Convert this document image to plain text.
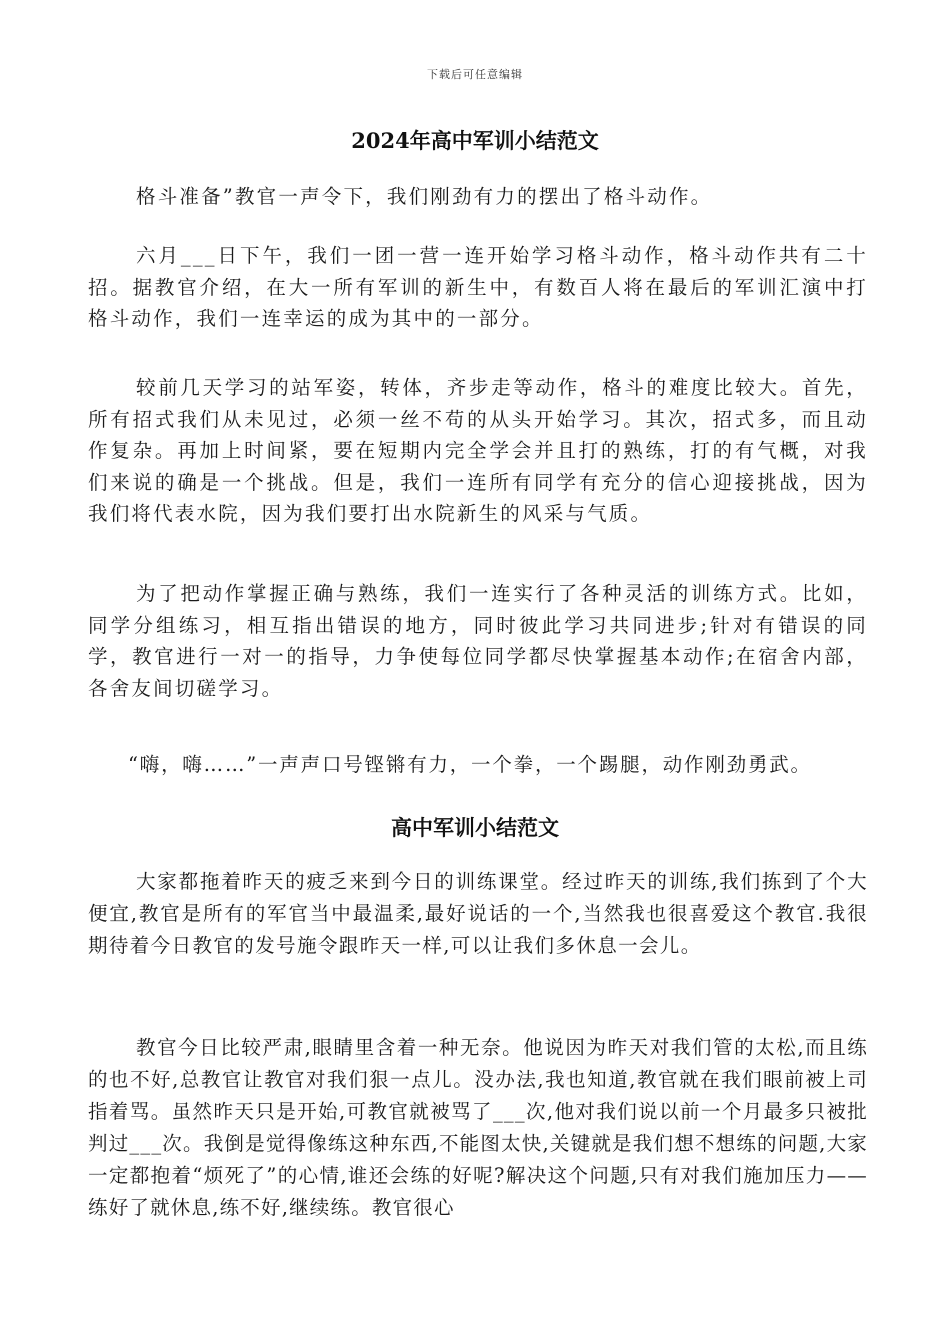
下载后可任意编辑
2024年高中军训小结范文

格斗准备”教官一声令下，我们刚劲有力的摆出了格斗动作。

六月___日下午，我们一团一营一连开始学习格斗动作，格斗动作共有二十招。据教官介绍，在大一所有军训的新生中，有数百人将在最后的军训汇演中打格斗动作，我们一连幸运的成为其中的一部分。

较前几天学习的站军姿，转体，齐步走等动作，格斗的难度比较大。首先，所有招式我们从未见过，必须一丝不苟的从头开始学习。其次，招式多，而且动作复杂。再加上时间紧，要在短期内完全学会并且打的熟练，打的有气概，对我们来说的确是一个挑战。但是，我们一连所有同学有充分的信心迎接挑战，因为我们将代表水院，因为我们要打出水院新生的风采与气质。

为了把动作掌握正确与熟练，我们一连实行了各种灵活的训练方式。比如，同学分组练习，相互指出错误的地方，同时彼此学习共同进步;针对有错误的同学，教官进行一对一的指导，力争使每位同学都尽快掌握基本动作;在宿舍内部，各舍友间切磋学习。

“嗨，嗨……”一声声口号铿锵有力，一个拳，一个踢腿，动作刚劲勇武。

高中军训小结范文

大家都拖着昨天的疲乏来到今日的训练课堂。经过昨天的训练,我们拣到了个大便宜,教官是所有的军官当中最温柔,最好说话的一个,当然我也很喜爱这个教官.我很期待着今日教官的发号施令跟昨天一样,可以让我们多休息一会儿。

教官今日比较严肃,眼睛里含着一种无奈。他说因为昨天对我们管的太松,而且练的也不好,总教官让教官对我们狠一点儿。没办法,我也知道,教官就在我们眼前被上司指着骂。虽然昨天只是开始,可教官就被骂了___次,他对我们说以前一个月最多只被批判过___次。我倒是觉得像练这种东西,不能图太快,关键就是我们想不想练的问题,大家一定都抱着“烦死了”的心情,谁还会练的好呢?解决这个问题,只有对我们施加压力——练好了就休息,练不好,继续练。教官很心
